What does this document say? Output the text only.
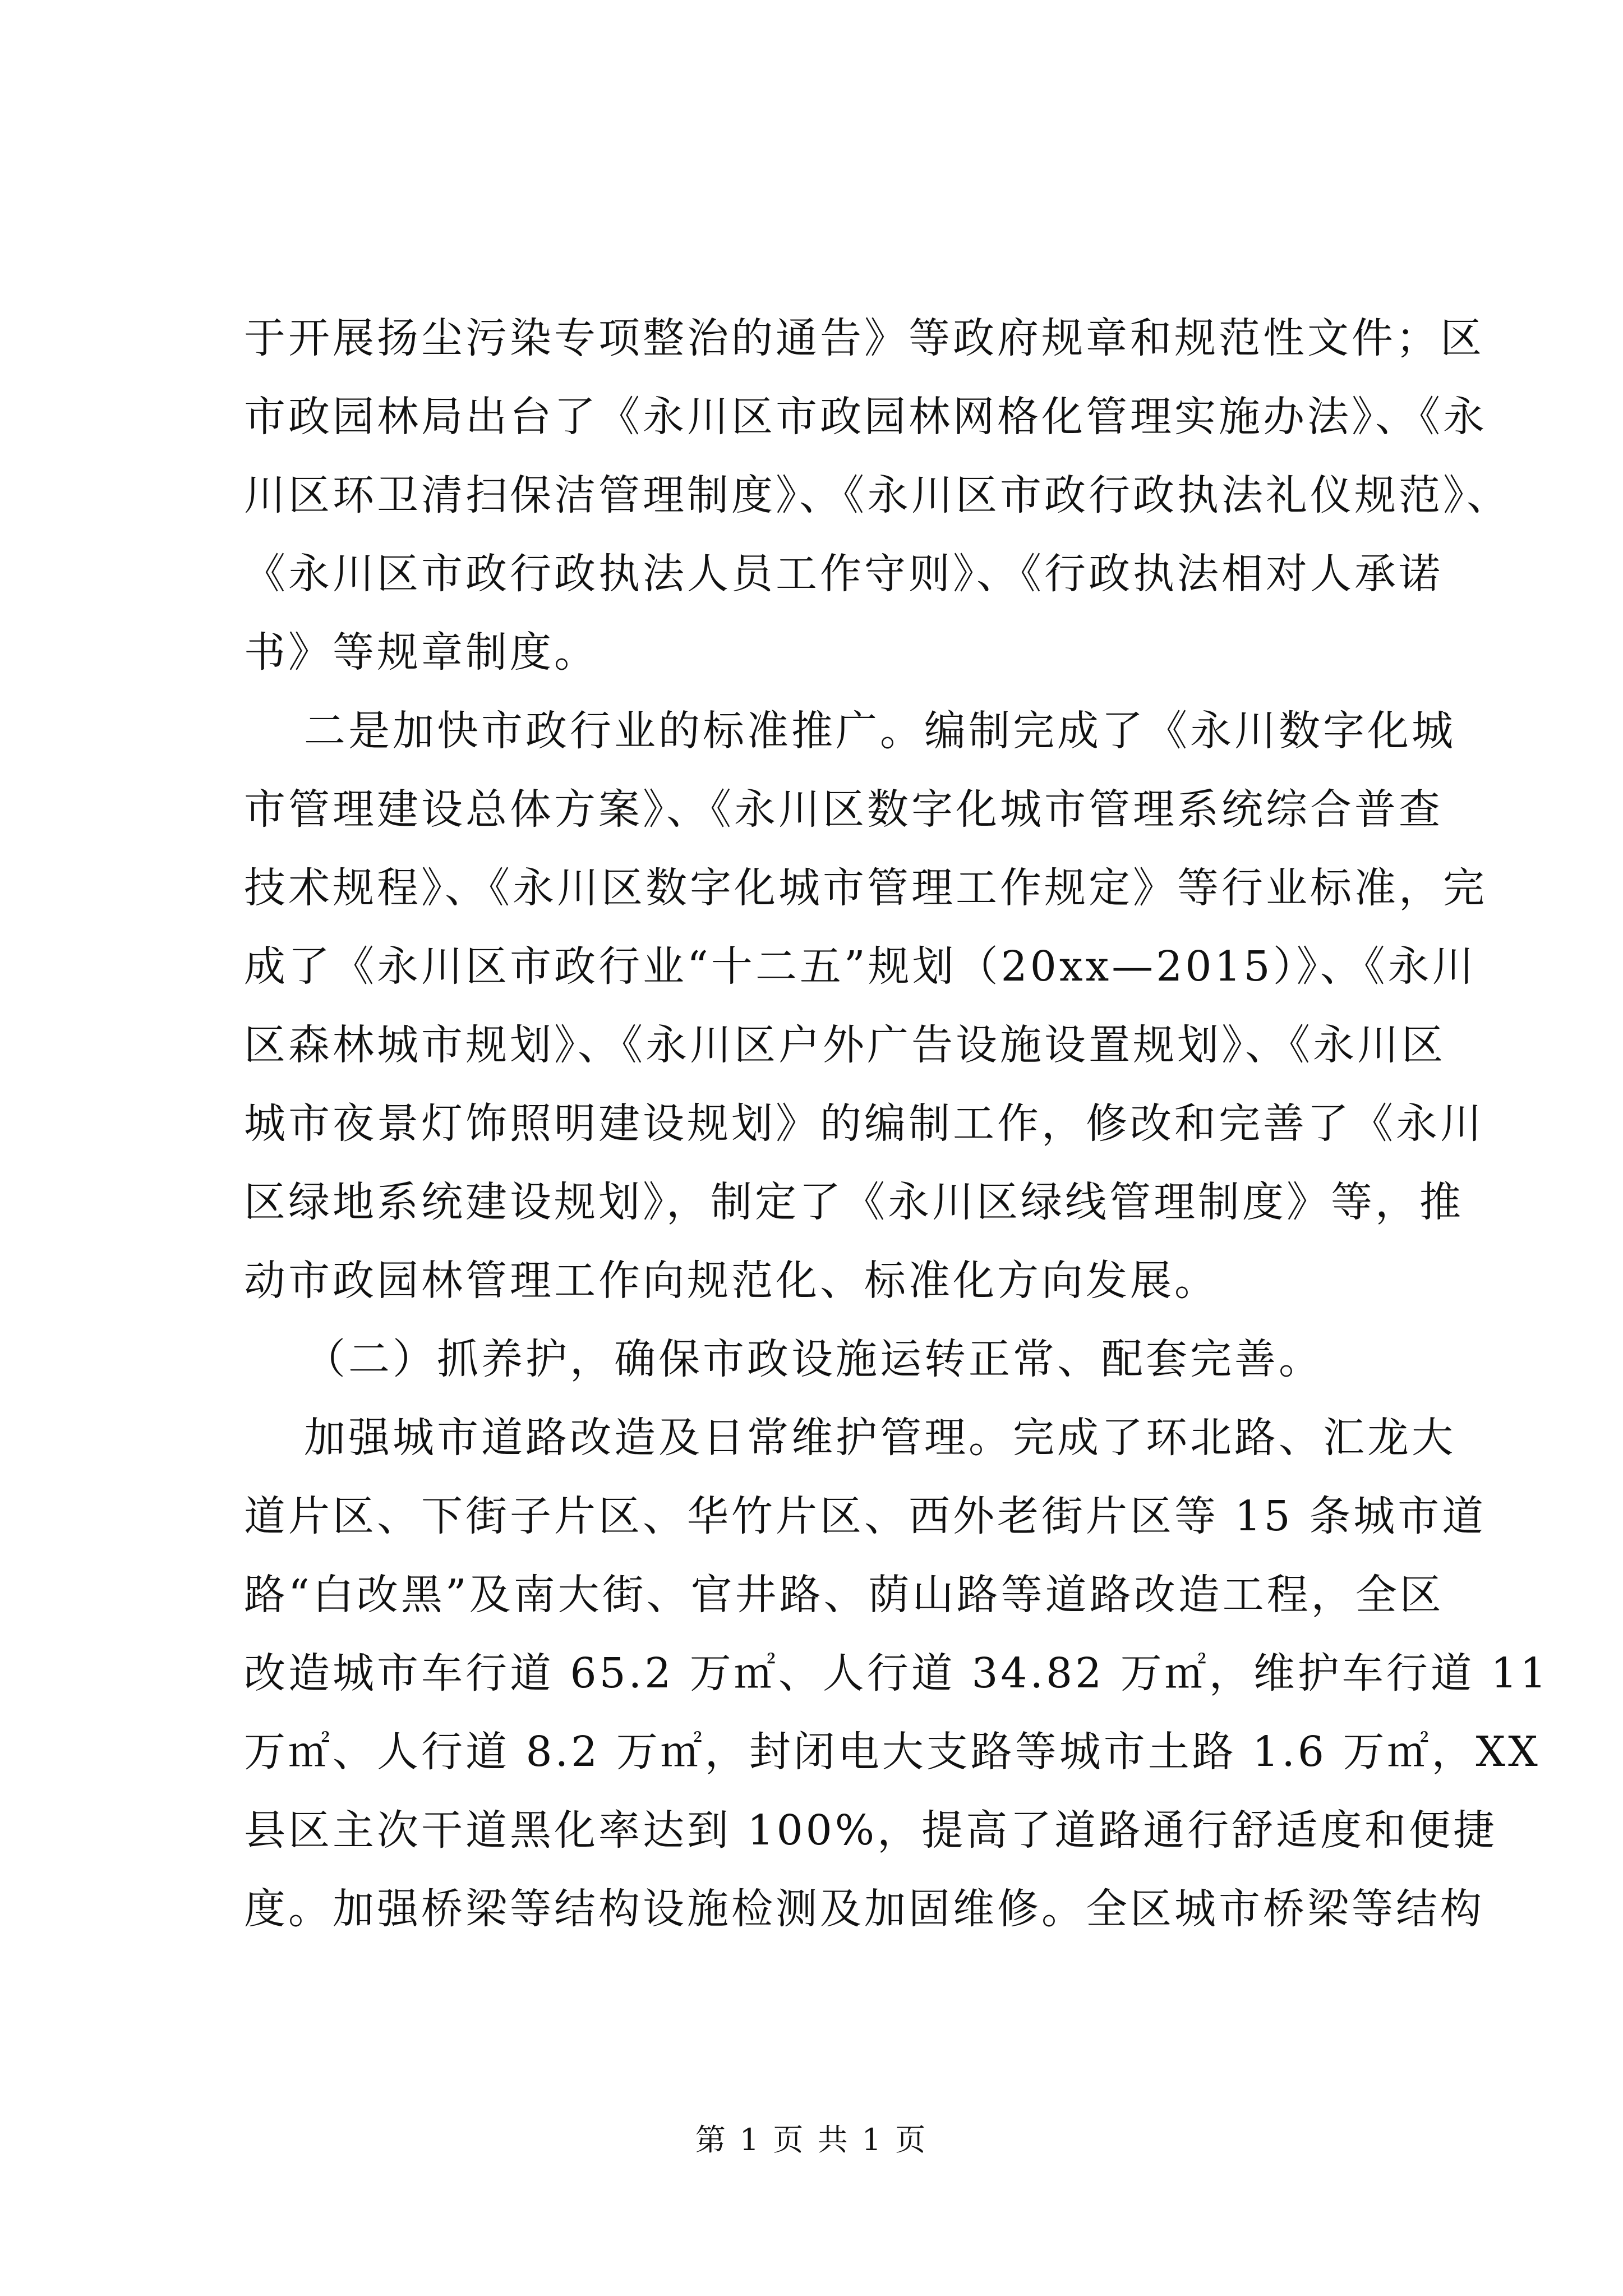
于开展扬尘污染专项整治的通告》等政府规章和规范性文件；区
市政园林局出台了《永川区市政园林网格化管理实施办法》、《永
川区环卫清扫保洁管理制度》、《永川区市政行政执法礼仪规范》、
《永川区市政行政执法人员工作守则》、《行政执法相对人承诺
书》等规章制度。
二是加快市政行业的标准推广。编制完成了《永川数字化城
市管理建设总体方案》、《永川区数字化城市管理系统综合普查
技术规程》、《永川区数字化城市管理工作规定》等行业标准，完
成了《永川区市政行业“十二五”规划（20xx—2015）》、《永川
区森林城市规划》、《永川区户外广告设施设置规划》、《永川区
城市夜景灯饰照明建设规划》的编制工作，修改和完善了《永川
区绿地系统建设规划》，制定了《永川区绿线管理制度》等，推
动市政园林管理工作向规范化、标准化方向发展。
（二）抓养护，确保市政设施运转正常、配套完善。
加强城市道路改造及日常维护管理。完成了环北路、汇龙大
道片区、下街子片区、华竹片区、西外老街片区等 15 条城市道
路“白改黑”及南大街、官井路、荫山路等道路改造工程，全区
改造城市车行道 65.2 万㎡、人行道 34.82 万㎡，维护车行道 11
万㎡、人行道 8.2 万㎡，封闭电大支路等城市土路 1.6 万㎡，XX
县区主次干道黑化率达到 100%，提高了道路通行舒适度和便捷
度。加强桥梁等结构设施检测及加固维修。全区城市桥梁等结构
第 1 页 共 1 页
